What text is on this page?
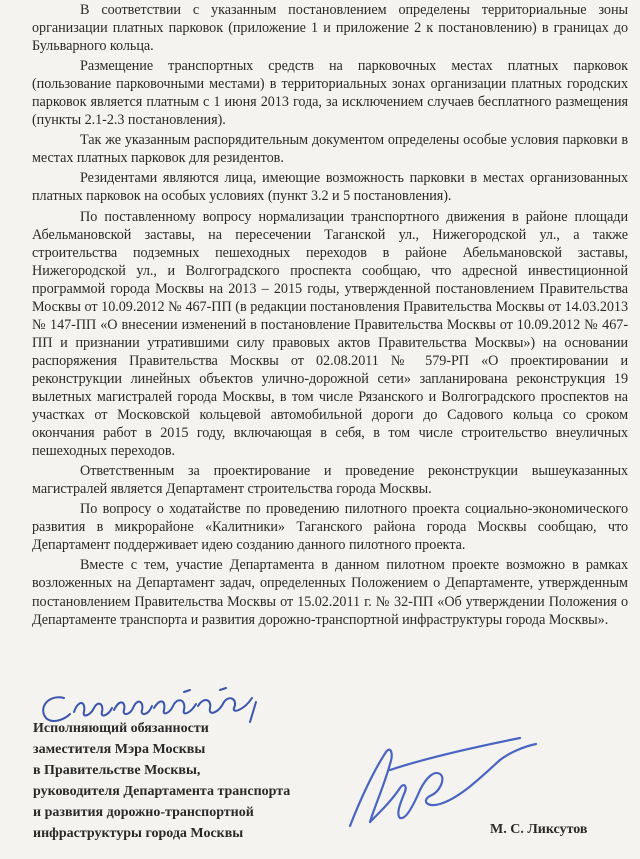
В соответствии с указанным постановлением определены территориальные зоны организации платных парковок (приложение 1 и приложение 2 к постановлению) в границах до Бульварного кольца.

Размещение транспортных средств на парковочных местах платных парковок (пользование парковочными местами) в территориальных зонах организации платных городских парковок является платным с 1 июня 2013 года, за исключением случаев бесплатного размещения (пункты 2.1-2.3 постановления).

Так же указанным распорядительным документом определены особые условия парковки в местах платных парковок для резидентов.

Резидентами являются лица, имеющие возможность парковки в местах организованных платных парковок на особых условиях (пункт 3.2 и 5 постановления).

По поставленному вопросу нормализации транспортного движения в районе площади Абельмановской заставы, на пересечении Таганской ул., Нижегородской ул., а также строительства подземных пешеходных переходов в районе Абельмановской заставы, Нижегородской ул., и Волгоградского проспекта сообщаю, что адресной инвестиционной программой города Москвы на 2013 – 2015 годы, утвержденной постановлением Правительства Москвы от 10.09.2012 № 467-ПП (в редакции постановления Правительства Москвы от 14.03.2013 № 147-ПП «О внесении изменений в постановление Правительства Москвы от 10.09.2012 № 467-ПП и признании утратившими силу правовых актов Правительства Москвы») на основании распоряжения Правительства Москвы от 02.08.2011 № 579-РП «О проектировании и реконструкции линейных объектов улично-дорожной сети» запланирована реконструкция 19 вылетных магистралей города Москвы, в том числе Рязанского и Волгоградского проспектов на участках от Московской кольцевой автомобильной дороги до Садового кольца со сроком окончания работ в 2015 году, включающая в себя, в том числе строительство внеуличных пешеходных переходов.

Ответственным за проектирование и проведение реконструкции вышеуказанных магистралей является Департамент строительства города Москвы.

По вопросу о ходатайстве по проведению пилотного проекта социально-экономического развития в микрорайоне «Калитники» Таганского района города Москвы сообщаю, что Департамент поддерживает идею созданию данного пилотного проекта.

Вместе с тем, участие Департамента в данном пилотном проекте возможно в рамках возложенных на Департамент задач, определенных Положением о Департаменте, утвержденным постановлением Правительства Москвы от 15.02.2011 г. № 32-ПП «Об утверждении Положения о Департаменте транспорта и развития дорожно-транспортной инфраструктуры города Москвы».

Исполняющий обязанности
заместителя Мэра Москвы
в Правительстве Москвы,
руководителя Департамента транспорта
и развития дорожно-транспортной
инфраструктуры города Москвы	М. С. Ликсутов
